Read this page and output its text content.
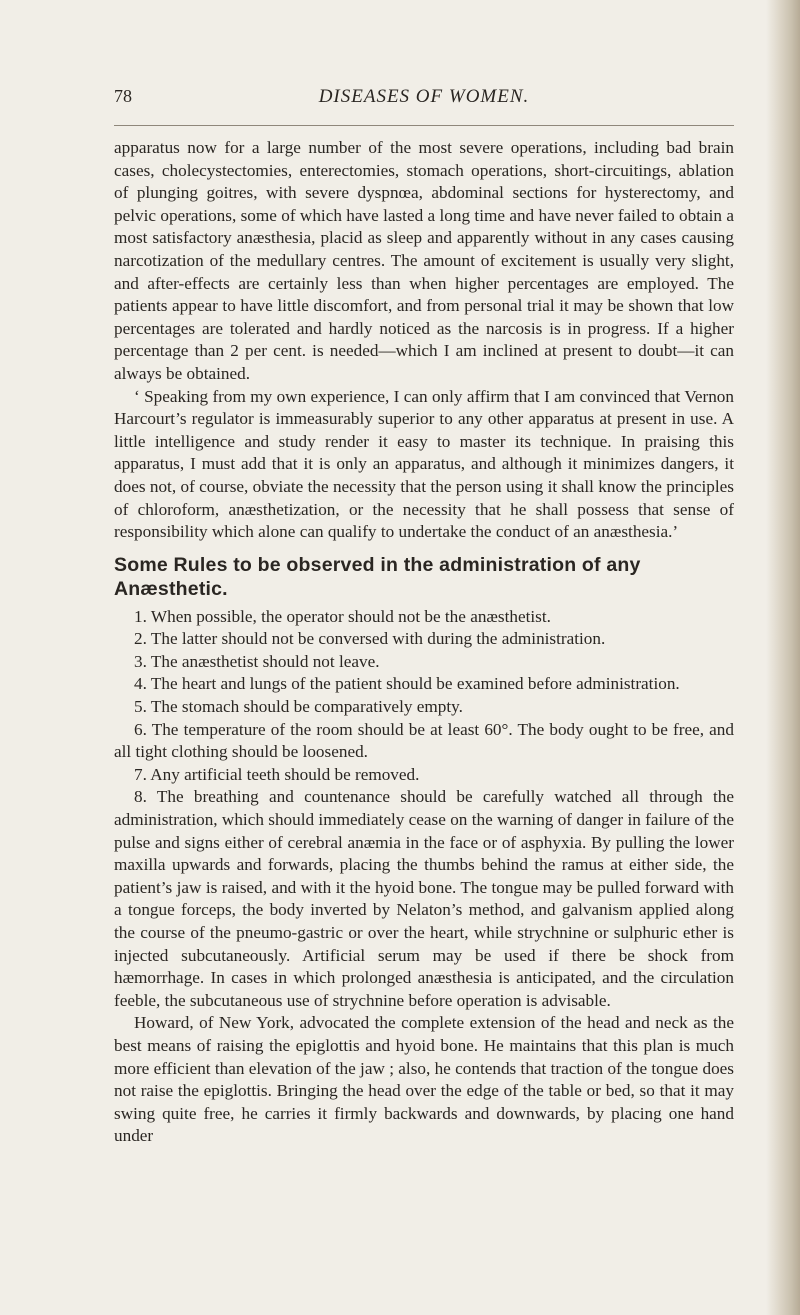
DISEASES OF WOMEN.
78

apparatus now for a large number of the most severe operations, including bad brain cases, cholecystectomies, enterectomies, stomach operations, short-circuitings, ablation of plunging goitres, with severe dyspnœa, abdominal sections for hysterectomy, and pelvic operations, some of which have lasted a long time and have never failed to obtain a most satisfactory anæsthesia, placid as sleep and apparently without in any cases causing narcotization of the medullary centres. The amount of excitement is usually very slight, and after-effects are certainly less than when higher percentages are employed. The patients appear to have little discomfort, and from personal trial it may be shown that low percentages are tolerated and hardly noticed as the narcosis is in progress. If a higher percentage than 2 per cent. is needed—which I am inclined at present to doubt—it can always be obtained.

‘ Speaking from my own experience, I can only affirm that I am convinced that Vernon Harcourt’s regulator is immeasurably superior to any other apparatus at present in use. A little intelligence and study render it easy to master its technique. In praising this apparatus, I must add that it is only an apparatus, and although it minimizes dangers, it does not, of course, obviate the necessity that the person using it shall know the principles of chloroform, anæsthetization, or the necessity that he shall possess that sense of responsibility which alone can qualify to undertake the conduct of an anæsthesia.’

Some Rules to be observed in the administration of any Anæsthetic.

1. When possible, the operator should not be the anæsthetist.

2. The latter should not be conversed with during the administration.

3. The anæsthetist should not leave.

4. The heart and lungs of the patient should be examined before administration.

5. The stomach should be comparatively empty.

6. The temperature of the room should be at least 60°. The body ought to be free, and all tight clothing should be loosened.

7. Any artificial teeth should be removed.

8. The breathing and countenance should be carefully watched all through the administration, which should immediately cease on the warning of danger in failure of the pulse and signs either of cerebral anæmia in the face or of asphyxia. By pulling the lower maxilla upwards and forwards, placing the thumbs behind the ramus at either side, the patient’s jaw is raised, and with it the hyoid bone. The tongue may be pulled forward with a tongue forceps, the body inverted by Nelaton’s method, and galvanism applied along the course of the pneumo-gastric or over the heart, while strychnine or sulphuric ether is injected subcutaneously. Artificial serum may be used if there be shock from hæmorrhage. In cases in which prolonged anæsthesia is anticipated, and the circulation feeble, the subcutaneous use of strychnine before operation is advisable.

Howard, of New York, advocated the complete extension of the head and neck as the best means of raising the epiglottis and hyoid bone. He maintains that this plan is much more efficient than elevation of the jaw ; also, he contends that traction of the tongue does not raise the epiglottis. Bringing the head over the edge of the table or bed, so that it may swing quite free, he carries it firmly backwards and downwards, by placing one hand under
